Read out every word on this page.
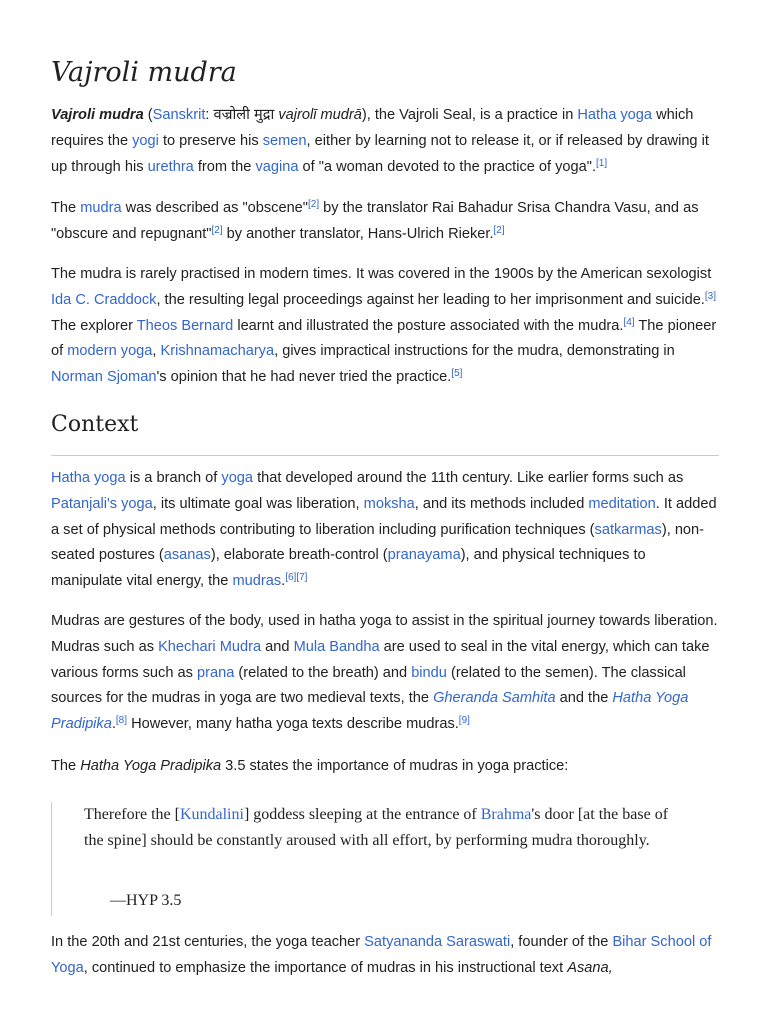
Vajroli mudra

Vajroli mudra (Sanskrit: वज्रोली मुद्रा vajrolī mudrā), the Vajroli Seal, is a practice in Hatha yoga which requires the yogi to preserve his semen, either by learning not to release it, or if released by drawing it up through his urethra from the vagina of "a woman devoted to the practice of yoga".[1]

The mudra was described as "obscene"[2] by the translator Rai Bahadur Srisa Chandra Vasu, and as "obscure and repugnant"[2] by another translator, Hans-Ulrich Rieker.[2]

The mudra is rarely practised in modern times. It was covered in the 1900s by the American sexologist Ida C. Craddock, the resulting legal proceedings against her leading to her imprisonment and suicide.[3] The explorer Theos Bernard learnt and illustrated the posture associated with the mudra.[4] The pioneer of modern yoga, Krishnamacharya, gives impractical instructions for the mudra, demonstrating in Norman Sjoman's opinion that he had never tried the practice.[5]

Context

Hatha yoga is a branch of yoga that developed around the 11th century. Like earlier forms such as Patanjali's yoga, its ultimate goal was liberation, moksha, and its methods included meditation. It added a set of physical methods contributing to liberation including purification techniques (satkarmas), non-seated postures (asanas), elaborate breath-control (pranayama), and physical techniques to manipulate vital energy, the mudras.[6][7]

Mudras are gestures of the body, used in hatha yoga to assist in the spiritual journey towards liberation. Mudras such as Khechari Mudra and Mula Bandha are used to seal in the vital energy, which can take various forms such as prana (related to the breath) and bindu (related to the semen). The classical sources for the mudras in yoga are two medieval texts, the Gheranda Samhita and the Hatha Yoga Pradipika.[8] However, many hatha yoga texts describe mudras.[9]

The Hatha Yoga Pradipika 3.5 states the importance of mudras in yoga practice:

Therefore the [Kundalini] goddess sleeping at the entrance of Brahma's door [at the base of the spine] should be constantly aroused with all effort, by performing mudra thoroughly.
—HYP 3.5

In the 20th and 21st centuries, the yoga teacher Satyananda Saraswati, founder of the Bihar School of Yoga, continued to emphasize the importance of mudras in his instructional text Asana,
